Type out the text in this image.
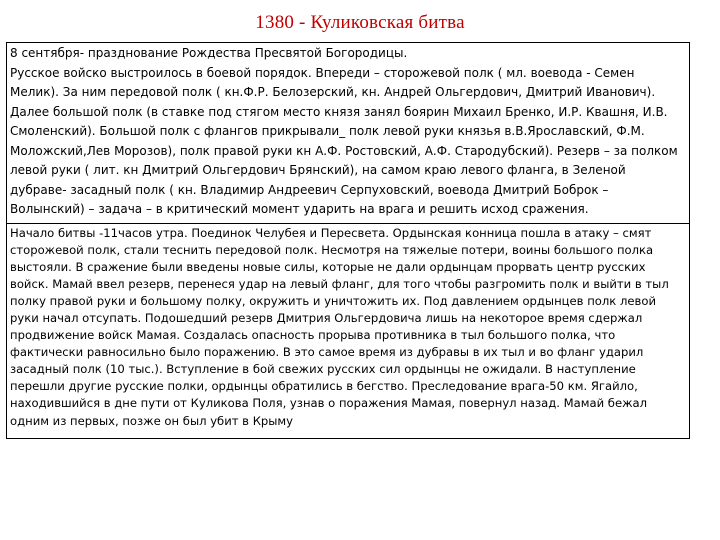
1380 - Куликовская битва

8 сентября- празднование Рождества Пресвятой Богородицы.

Русское войско выстроилось в боевой порядок. Впереди – сторожевой полк ( мл. воевода - Семен Мелик). За ним передовой полк ( кн.Ф.Р. Белозерский, кн. Андрей Ольгердович, Дмитрий Иванович). Далее большой полк (в ставке под стягом место князя занял боярин Михаил Бренко, И.Р. Квашня, И.В. Смоленский). Большой полк с флангов прикрывали_ полк левой руки князья в.В.Ярославский, Ф.М. Моложский,Лев Морозов), полк правой руки кн А.Ф. Ростовский, А.Ф. Стародубский). Резерв – за полком левой руки ( лит. кн Дмитрий Ольгердович Брянский), на самом краю левого фланга, в Зеленой дубраве- засадный полк ( кн. Владимир Андреевич Серпуховский, воевода Дмитрий Боброк – Волынский) – задача – в критический момент ударить на врага и решить исход сражения.

Начало битвы -11часов утра. Поединок Челубея и Пересвета. Ордынская конница пошла в атаку – смят сторожевой полк, стали теснить передовой полк. Несмотря на тяжелые потери, воины большого полка выстояли. В сражение были введены новые силы, которые не дали ордынцам прорвать центр русских войск. Мамай ввел резерв, перенеся удар на левый фланг, для того чтобы разгромить полк и выйти в тыл полку правой руки и большому полку, окружить и уничтожить их. Под давлением ордынцев полк левой руки начал отсупать. Подошедший резерв Дмитрия Ольгердовича лишь на некоторое время сдержал продвижение войск Мамая. Создалась опасность прорыва противника в тыл большого полка, что фактически равносильно было поражению. В это самое время из дубравы в их тыл и во фланг ударил засадный полк (10 тыс.). Вступление в бой свежих русских сил ордынцы не ожидали. В наступление перешли другие русские полки, ордынцы обратились в бегство. Преследование врага-50 км. Ягайло, находившийся в дне пути от Куликова Поля, узнав о поражения Мамая, повернул назад. Мамай бежал одним из первых, позже он был убит в Крыму
